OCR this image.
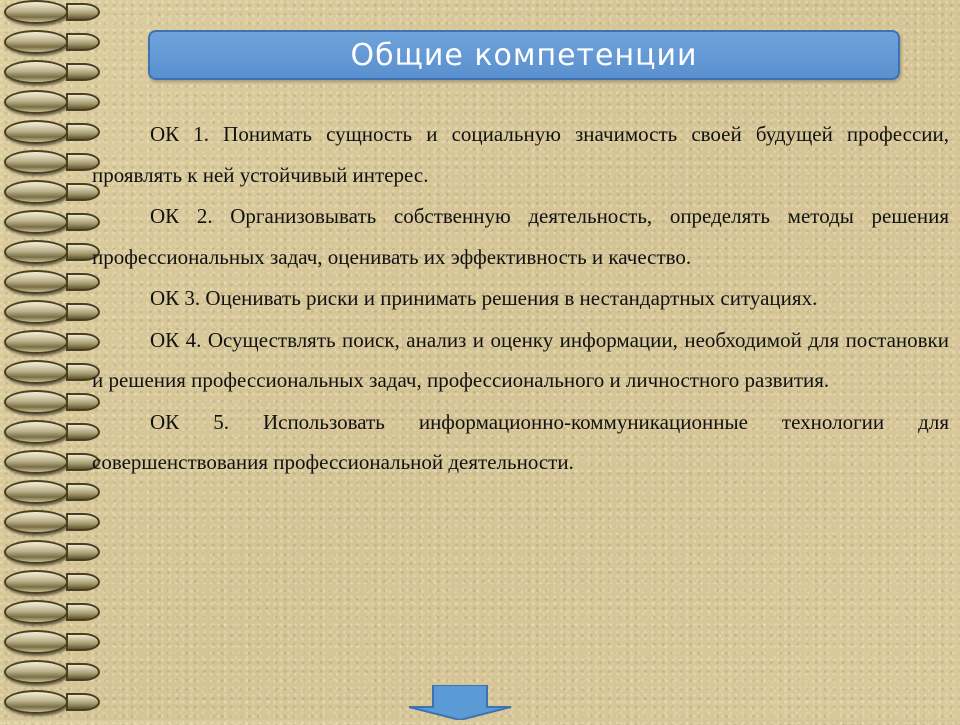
Общие компетенции

ОК 1. Понимать сущность и социальную значимость своей будущей профессии, проявлять к ней устойчивый интерес.

ОК 2. Организовывать собственную деятельность, определять методы решения профессиональных задач, оценивать их эффективность и качество.

ОК 3. Оценивать риски и принимать решения в нестандартных ситуациях.

ОК 4. Осуществлять поиск, анализ и оценку информации, необходимой для постановки и решения профессиональных задач, профессионального и личностного развития.

ОК 5. Использовать информационно-коммуникационные технологии для совершенствования профессиональной деятельности.
